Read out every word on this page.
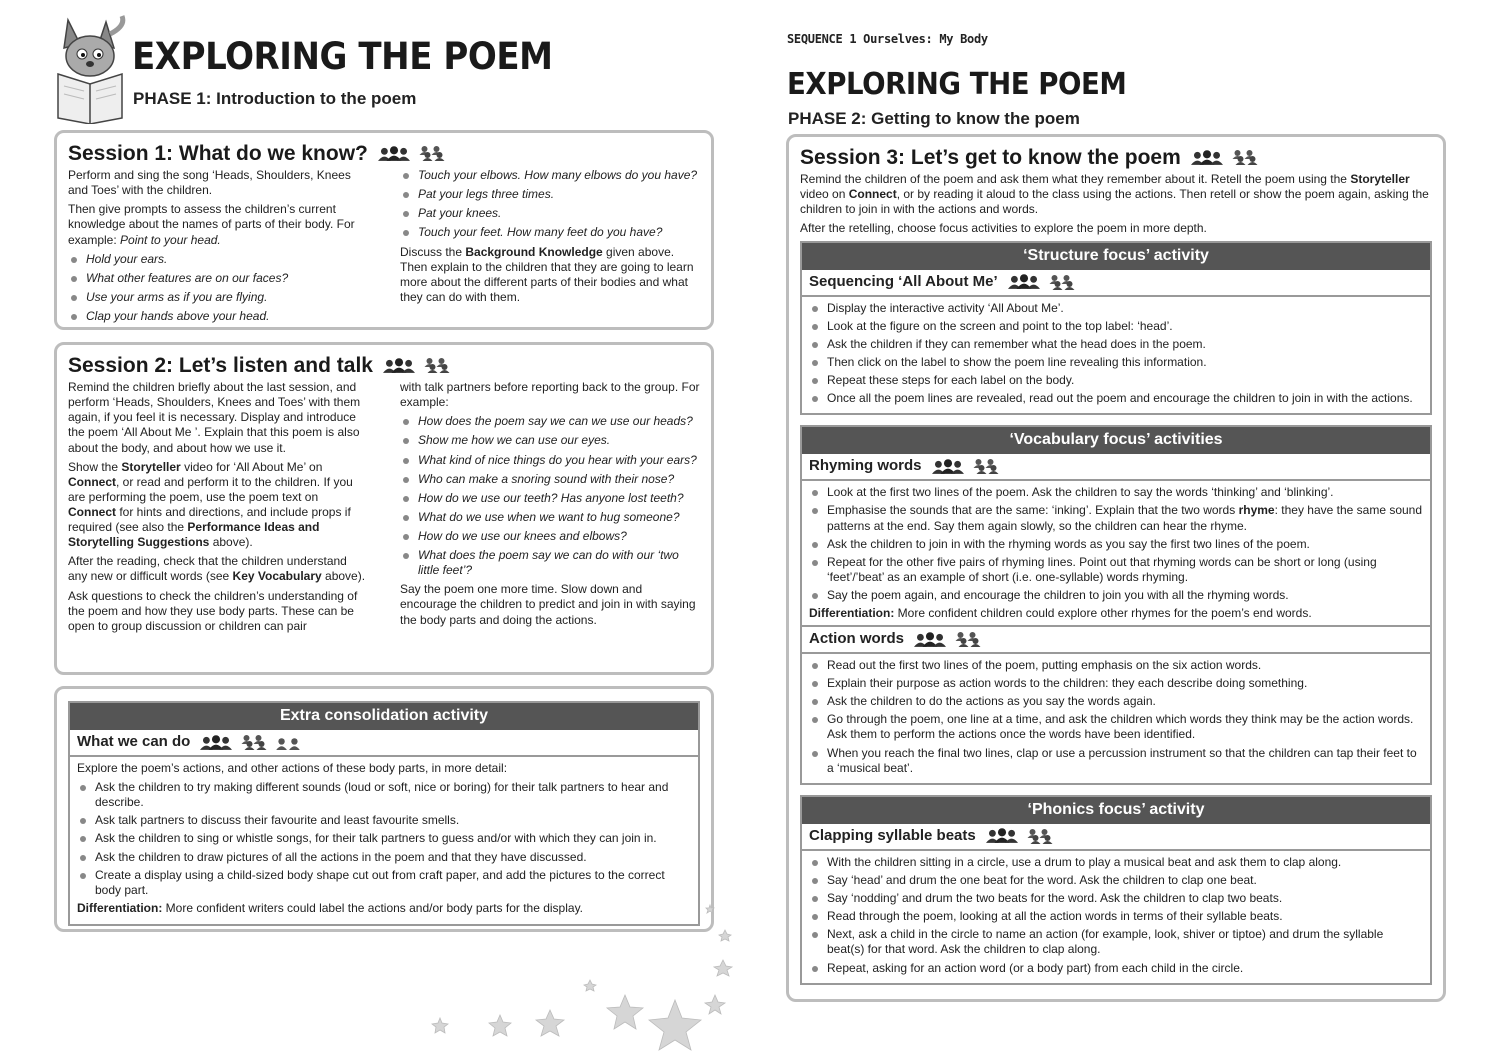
EXPLORING THE POEM
PHASE 1: Introduction to the poem
Session 1: What do we know?

Perform and sing the song ‘Heads, Shoulders, Knees and Toes’ with the children.

Then give prompts to assess the children’s current knowledge about the names of parts of their body. For example: Point to your head.

Hold your ears.
What other features are on our faces?
Use your arms as if you are flying.
Clap your hands above your head.
Touch your elbows. How many elbows do you have?
Pat your legs three times.
Pat your knees.
Touch your feet. How many feet do you have?

Discuss the Background Knowledge given above. Then explain to the children that they are going to learn more about the different parts of their bodies and what they can do with them.

Session 2: Let’s listen and talk

Remind the children briefly about the last session, and perform ‘Heads, Shoulders, Knees and Toes’ with them again, if you feel it is necessary. Display and introduce the poem ‘All About Me ’. Explain that this poem is also about the body, and about how we use it.

Show the Storyteller video for ‘All About Me’ on Connect, or read and perform it to the children. If you are performing the poem, use the poem text on Connect for hints and directions, and include props if required (see also the Performance Ideas and Storytelling Suggestions above).

After the reading, check that the children understand any new or difficult words (see Key Vocabulary above).

Ask questions to check the children’s understanding of the poem and how they use body parts. These can be open to group discussion or children can pair

with talk partners before reporting back to the group. For example:

How does the poem say we can we use our heads?
Show me how we can use our eyes.
What kind of nice things do you hear with your ears?
Who can make a snoring sound with their nose?
How do we use our teeth? Has anyone lost teeth?
What do we use when we want to hug someone?
How do we use our knees and elbows?
What does the poem say we can do with our ‘two little feet’?

Say the poem one more time. Slow down and encourage the children to predict and join in with saying the body parts and doing the actions.

Extra consolidation activity
What we can do

Explore the poem’s actions, and other actions of these body parts, in more detail:

Ask the children to try making different sounds (loud or soft, nice or boring) for their talk partners to hear and describe.
Ask talk partners to discuss their favourite and least favourite smells.
Ask the children to sing or whistle songs, for their talk partners to guess and/or with which they can join in.
Ask the children to draw pictures of all the actions in the poem and that they have discussed.
Create a display using a child-sized body shape cut out from craft paper, and add the pictures to the correct body part.

Differentiation: More confident writers could label the actions and/or body parts for the display.

SEQUENCE 1 Ourselves: My Body
EXPLORING THE POEM
PHASE 2: Getting to know the poem
Session 3: Let’s get to know the poem

Remind the children of the poem and ask them what they remember about it. Retell the poem using the Storyteller video on Connect, or by reading it aloud to the class using the actions. Then retell or show the poem again, asking the children to join in with the actions and words.

After the retelling, choose focus activities to explore the poem in more depth.

‘Structure focus’ activity
Sequencing ‘All About Me’
Display the interactive activity ‘All About Me’.
Look at the figure on the screen and point to the top label: ‘head’.
Ask the children if they can remember what the head does in the poem.
Then click on the label to show the poem line revealing this information.
Repeat these steps for each label on the body.
Once all the poem lines are revealed, read out the poem and encourage the children to join in with the actions.
‘Vocabulary focus’ activities
Rhyming words
Look at the first two lines of the poem. Ask the children to say the words ‘thinking’ and ‘blinking’.
Emphasise the sounds that are the same: ‘inking’. Explain that the two words rhyme: they have the same sound patterns at the end. Say them again slowly, so the children can hear the rhyme.
Ask the children to join in with the rhyming words as you say the first two lines of the poem.
Repeat for the other five pairs of rhyming lines. Point out that rhyming words can be short or long (using ‘feet’/’beat’ as an example of short (i.e. one-syllable) words rhyming.
Say the poem again, and encourage the children to join you with all the rhyming words.

Differentiation: More confident children could explore other rhymes for the poem’s end words.

Action words
Read out the first two lines of the poem, putting emphasis on the six action words.
Explain their purpose as action words to the children: they each describe doing something.
Ask the children to do the actions as you say the words again.
Go through the poem, one line at a time, and ask the children which words they think may be the action words. Ask them to perform the actions once the words have been identified.
When you reach the final two lines, clap or use a percussion instrument so that the children can tap their feet to a ‘musical beat’.
‘Phonics focus’ activity
Clapping syllable beats
With the children sitting in a circle, use a drum to play a musical beat and ask them to clap along.
Say ‘head’ and drum the one beat for the word. Ask the children to clap one beat.
Say ‘nodding’ and drum the two beats for the word. Ask the children to clap two beats.
Read through the poem, looking at all the action words in terms of their syllable beats.
Next, ask a child in the circle to name an action (for example, look, shiver or tiptoe) and drum the syllable beat(s) for that word. Ask the children to clap along.
Repeat, asking for an action word (or a body part) from each child in the circle.
